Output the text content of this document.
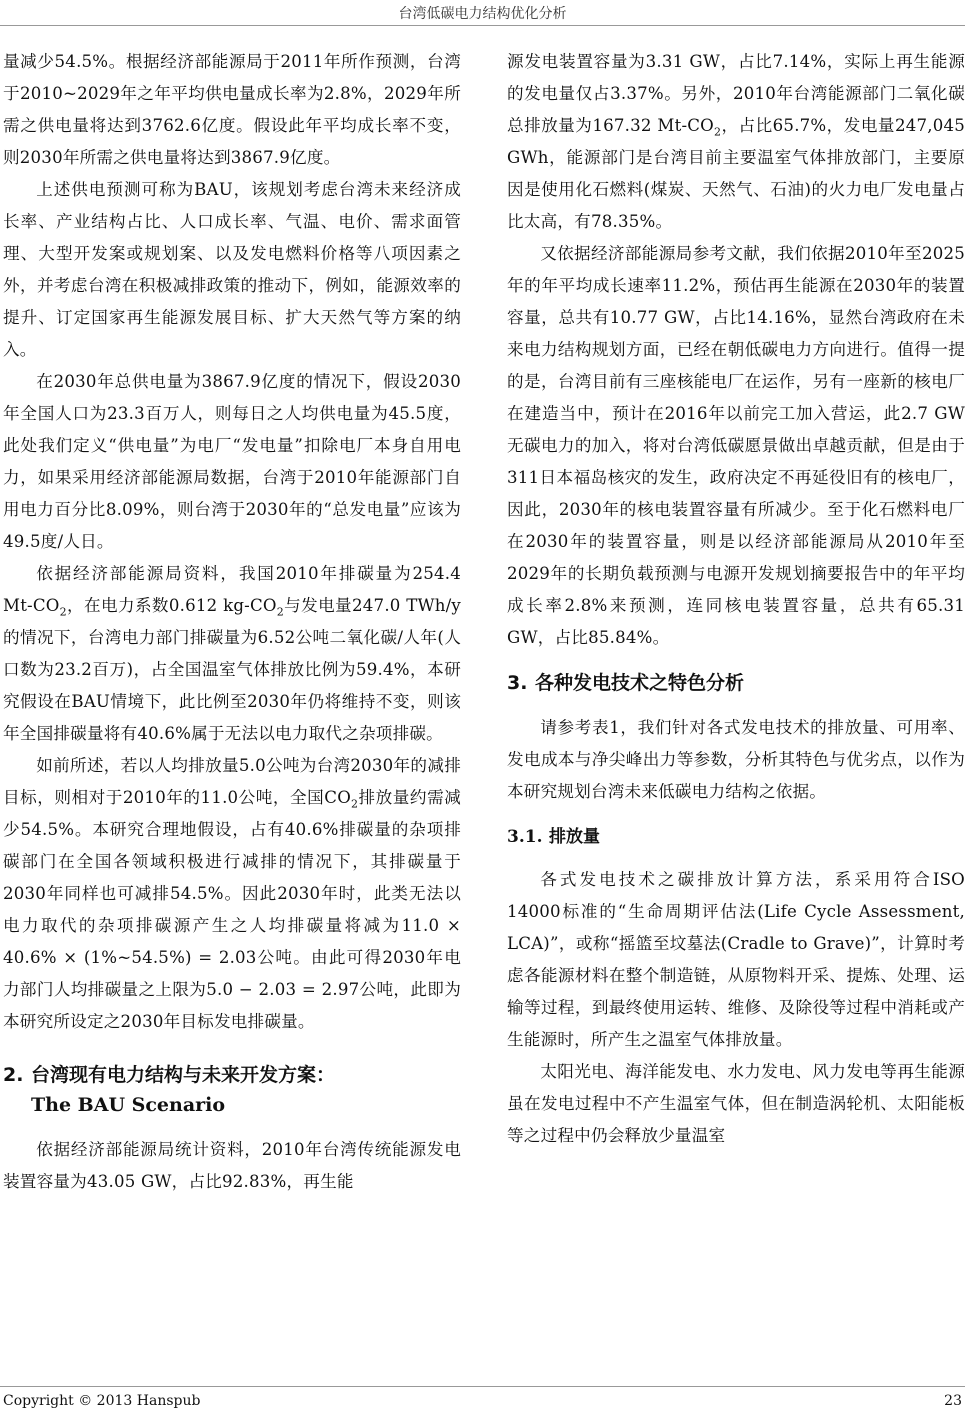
台湾低碳电力结构优化分析

量减少54.5%。根据经济部能源局于2011年所作预测，台湾于2010~2029年之年平均供电量成长率为2.8%，2029年所需之供电量将达到3762.6亿度。假设此年平均成长率不变，则2030年所需之供电量将达到3867.9亿度。

上述供电预测可称为BAU，该规划考虑台湾未来经济成长率、产业结构占比、人口成长率、气温、电价、需求面管理、大型开发案或规划案、以及发电燃料价格等八项因素之外，并考虑台湾在积极减排政策的推动下，例如，能源效率的提升、订定国家再生能源发展目标、扩大天然气等方案的纳入。

在2030年总供电量为3867.9亿度的情况下，假设2030年全国人口为23.3百万人，则每日之人均供电量为45.5度，此处我们定义“供电量”为电厂“发电量”扣除电厂本身自用电力，如果采用经济部能源局数据，台湾于2010年能源部门自用电力百分比8.09%，则台湾于2030年的“总发电量”应该为49.5度/人日。

依据经济部能源局资料，我国2010年排碳量为254.4 $Mt-CO_2$，在电力系数0.612 $kg-CO_2$与发电量247.0 TWh/y的情况下，台湾电力部门排碳量为6.52公吨二氧化碳/人年(人口数为23.2百万)，占全国温室气体排放比例为59.4%，本研究假设在BAU情境下，此比例至2030年仍将维持不变，则该年全国排碳量将有40.6%属于无法以电力取代之杂项排碳。

如前所述，若以人均排放量5.0公吨为台湾2030年的减排目标，则相对于2010年的11.0公吨，全国$CO_2$排放量约需减少54.5%。本研究合理地假设，占有40.6%排碳量的杂项排碳部门在全国各领域积极进行减排的情况下，其排碳量于2030年同样也可减排54.5%。因此2030年时，此类无法以电力取代的杂项排碳源产生之人均排碳量将减为11.0 × 40.6% × (1%~54.5%) = 2.03公吨。由此可得2030年电力部门人均排碳量之上限为5.0 − 2.03 = 2.97公吨，此即为本研究所设定之2030年目标发电排碳量。

2. 台湾现有电力结构与未来开发方案：
The BAU Scenario

依据经济部能源局统计资料，2010年台湾传统能源发电装置容量为43.05 GW，占比92.83%，再生能

源发电装置容量为3.31 GW，占比7.14%，实际上再生能源的发电量仅占3.37%。另外，2010年台湾能源部门二氧化碳总排放量为167.32 $Mt-CO_2$，占比65.7%，发电量247,045 GWh，能源部门是台湾目前主要温室气体排放部门，主要原因是使用化石燃料(煤炭、天然气、石油)的火力电厂发电量占比太高，有78.35%。

又依据经济部能源局参考文献，我们依据2010年至2025年的年平均成长速率11.2%，预估再生能源在2030年的装置容量，总共有10.77 GW，占比14.16%，显然台湾政府在未来电力结构规划方面，已经在朝低碳电力方向进行。值得一提的是，台湾目前有三座核能电厂在运作，另有一座新的核电厂在建造当中，预计在2016年以前完工加入营运，此2.7 GW无碳电力的加入，将对台湾低碳愿景做出卓越贡献，但是由于311日本福岛核灾的发生，政府决定不再延役旧有的核电厂，因此，2030年的核电装置容量有所减少。至于化石燃料电厂在2030年的装置容量，则是以经济部能源局从2010年至2029年的长期负载预测与电源开发规划摘要报告中的年平均成长率2.8%来预测，连同核电装置容量，总共有65.31 GW，占比85.84%。

3. 各种发电技术之特色分析

请参考表1，我们针对各式发电技术的排放量、可用率、发电成本与净尖峰出力等参数，分析其特色与优劣点，以作为本研究规划台湾未来低碳电力结构之依据。

3.1. 排放量

各式发电技术之碳排放计算方法，系采用符合ISO 14000标准的“生命周期评估法(Life Cycle Assessment, LCA)”，或称“摇篮至坟墓法(Cradle to Grave)”，计算时考虑各能源材料在整个制造链，从原物料开采、提炼、处理、运输等过程，到最终使用运转、维修、及除役等过程中消耗或产生能源时，所产生之温室气体排放量。

太阳光电、海洋能发电、水力发电、风力发电等再生能源虽在发电过程中不产生温室气体，但在制造涡轮机、太阳能板等之过程中仍会释放少量温室

Copyright © 2013 Hanspub	23
